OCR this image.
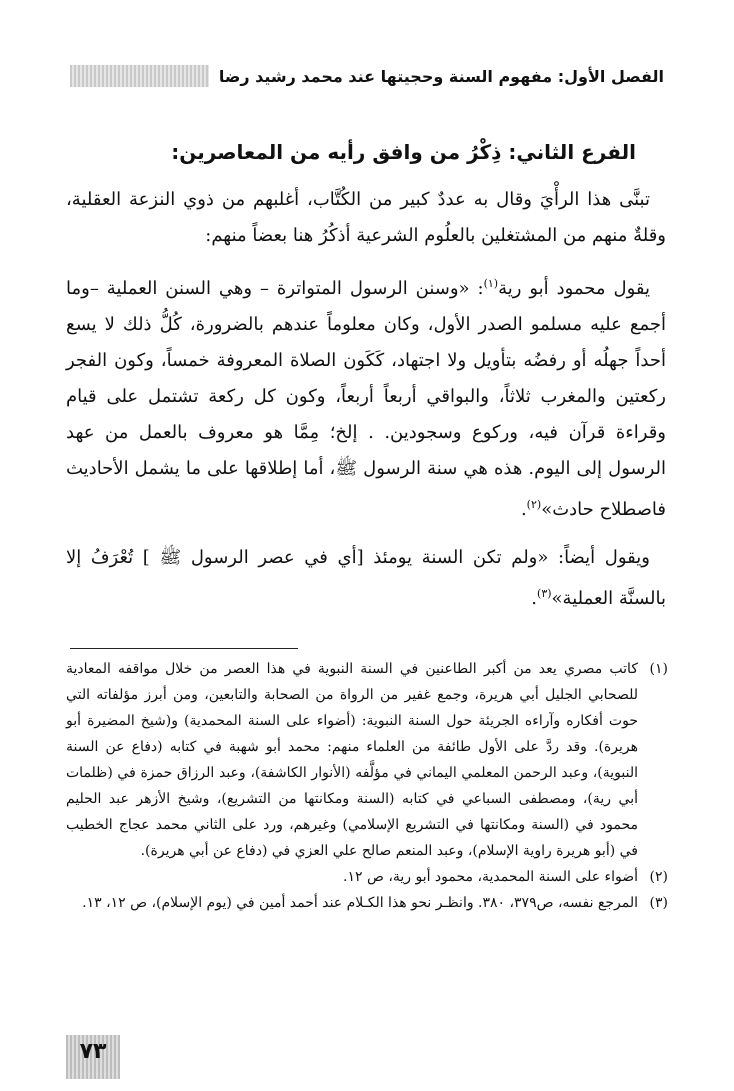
الفصل الأول: مفهوم السنة وحجيتها عند محمد رشيد رضا
الفرع الثاني: ذِكْرُ من وافق رأيه من المعاصرين:

تبنَّى هذا الرأْيَ وقال به عددٌ كبير من الكُتَّاب، أغلبهم من ذوي النزعة العقلية، وقلةٌ منهم من المشتغلين بالعلُوم الشرعية أذكُرُ هنا بعضاً منهم:

يقول محمود أبو رية$^{(١)}$: «وسنن الرسول المتواترة – وهي السنن العملية –وما أجمع عليه مسلمو الصدر الأول، وكان معلوماً عندهم بالضرورة، كُلُّ ذلك لا يسع أحداً جهلُه أو رفضُه بتأويل ولا اجتهاد، كَكَون الصلاة المعروفة خمساً، وكون الفجر ركعتين والمغرب ثلاثاً، والبواقي أربعاً أربعاً، وكون كل ركعة تشتمل على قيام وقراءة قرآن فيه، وركوع وسجودين. . إلخ؛ مِمَّا هو معروف بالعمل من عهد الرسول إلى اليوم. هذه هي سنة الرسول ﷺ، أما إطلاقها على ما يشمل الأحاديث فاصطلاح حادث»$^{(٢)}$.

ويقول أيضاً: «ولم تكن السنة يومئذ [أي في عصر الرسول ﷺ ] تُعْرَفُ إلا بالسنَّة العملية»$^{(٣)}$.

(١)
كاتب مصري يعد من أكبر الطاعنين في السنة النبوية في هذا العصر من خلال مواقفه المعادية للصحابي الجليل أبي هريرة، وجمع غفير من الرواة من الصحابة والتابعين، ومن أبرز مؤلفاته التي حوت أفكاره وآراءه الجريئة حول السنة النبوية: (أضواء على السنة المحمدية) و(شيخ المضيرة أبو هريرة). وقد ردَّ على الأول طائفة من العلماء منهم: محمد أبو شهبة في كتابه (دفاع عن السنة النبوية)، وعبد الرحمن المعلمي اليماني في مؤلَّفه (الأنوار الكاشفة)، وعبد الرزاق حمزة في (ظلمات أبي رية)، ومصطفى السباعي في كتابه (السنة ومكانتها من التشريع)، وشيخ الأزهر عبد الحليم محمود في (السنة ومكانتها في التشريع الإسلامي) وغيرهم، ورد على الثاني محمد عجاج الخطيب في (أبو هريرة راوية الإسلام)، وعبد المنعم صالح علي العزي في (دفاع عن أبي هريرة).

(٢)
أضواء على السنة المحمدية، محمود أبو رية، ص ١٢.

(٣)
المرجع نفسه، ص٣٧٩، ٣٨٠. وانظـر نحو هذا الكـلام عند أحمد أمين في (يوم الإسلام)، ص ١٢، ١٣.

٧٣
